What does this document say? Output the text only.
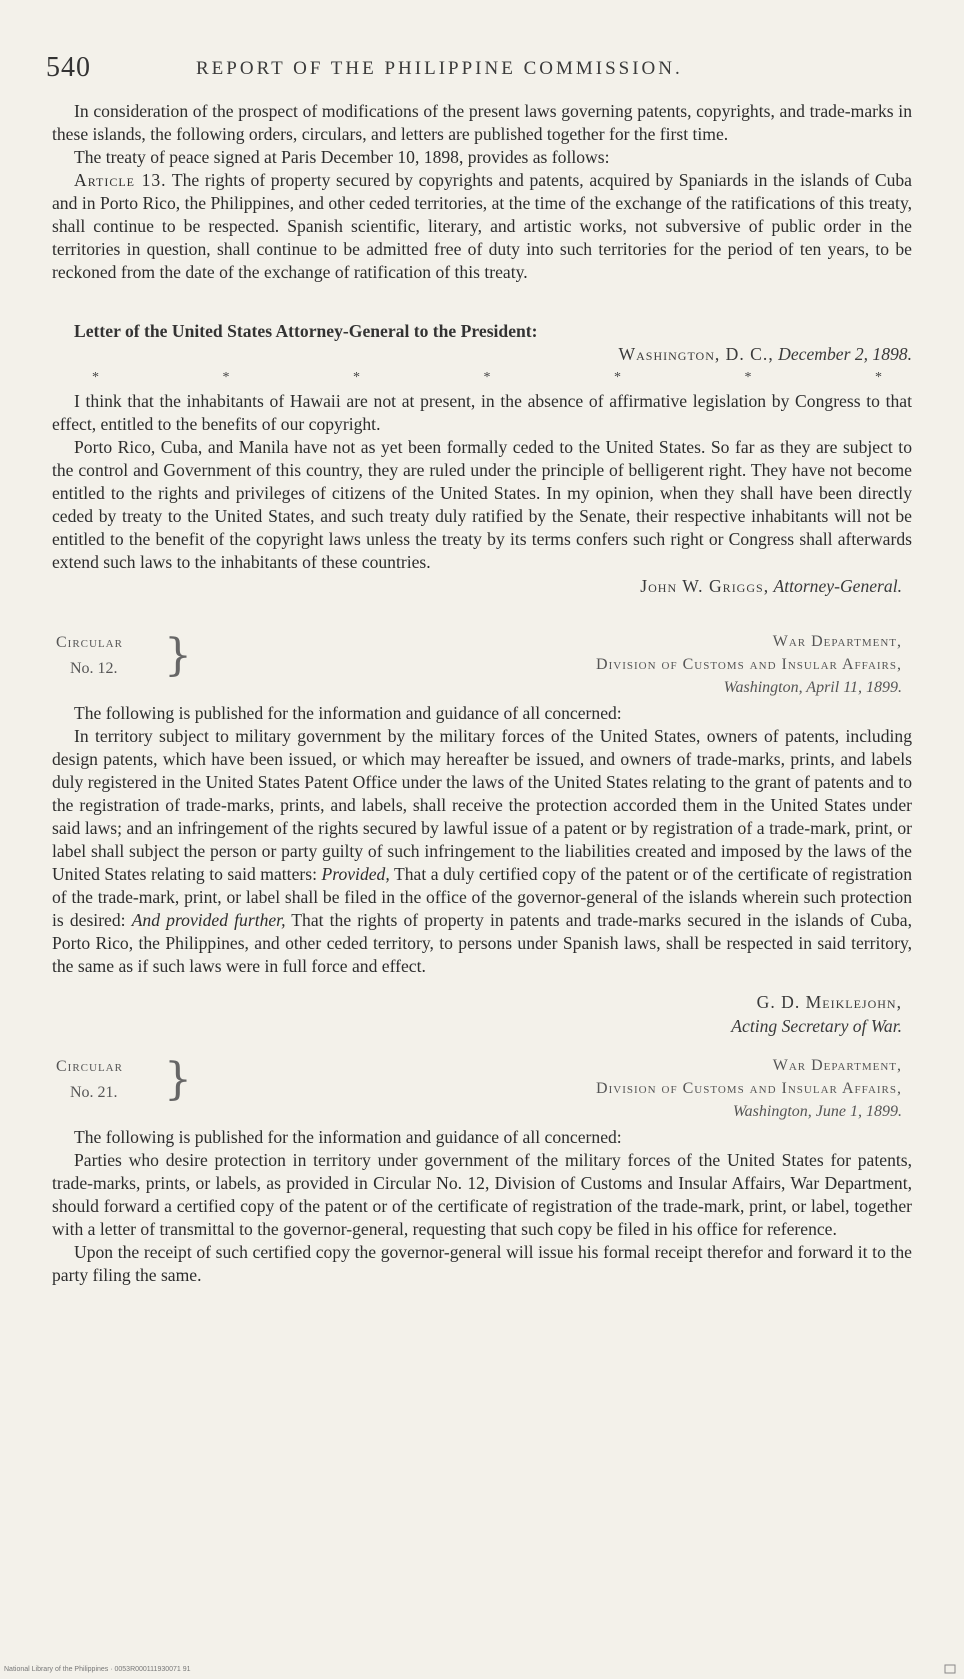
540	REPORT OF THE PHILIPPINE COMMISSION.

In consideration of the prospect of modifications of the present laws governing patents, copyrights, and trade-marks in these islands, the following orders, circulars, and letters are published together for the first time.

The treaty of peace signed at Paris December 10, 1898, provides as follows:

Article 13. The rights of property secured by copyrights and patents, acquired by Spaniards in the islands of Cuba and in Porto Rico, the Philippines, and other ceded territories, at the time of the exchange of the ratifications of this treaty, shall continue to be respected. Spanish scientific, literary, and artistic works, not subversive of public order in the territories in question, shall continue to be admitted free of duty into such territories for the period of ten years, to be reckoned from the date of the exchange of ratification of this treaty.

Letter of the United States Attorney-General to the President:
Washington, D. C., December 2, 1898.
*	*	*	*	*	*	*

I think that the inhabitants of Hawaii are not at present, in the absence of affirmative legislation by Congress to that effect, entitled to the benefits of our copyright.

Porto Rico, Cuba, and Manila have not as yet been formally ceded to the United States. So far as they are subject to the control and Government of this country, they are ruled under the principle of belligerent right. They have not become entitled to the rights and privileges of citizens of the United States. In my opinion, when they shall have been directly ceded by treaty to the United States, and such treaty duly ratified by the Senate, their respective inhabitants will not be entitled to the benefit of the copyright laws unless the treaty by its terms confers such right or Congress shall afterwards extend such laws to the inhabitants of these countries.

John W. Griggs, Attorney-General.
Circular
No. 12. }	War Department,
Division of Customs and Insular Affairs,
Washington, April 11, 1899.

The following is published for the information and guidance of all concerned:

In territory subject to military government by the military forces of the United States, owners of patents, including design patents, which have been issued, or which may hereafter be issued, and owners of trade-marks, prints, and labels duly registered in the United States Patent Office under the laws of the United States relating to the grant of patents and to the registration of trade-marks, prints, and labels, shall receive the protection accorded them in the United States under said laws; and an infringement of the rights secured by lawful issue of a patent or by registration of a trade-mark, print, or label shall subject the person or party guilty of such infringement to the liabilities created and imposed by the laws of the United States relating to said matters: Provided, That a duly certified copy of the patent or of the certificate of registration of the trade-mark, print, or label shall be filed in the office of the governor-general of the islands wherein such protection is desired: And provided further, That the rights of property in patents and trade-marks secured in the islands of Cuba, Porto Rico, the Philippines, and other ceded territory, to persons under Spanish laws, shall be respected in said territory, the same as if such laws were in full force and effect.

G. D. Meiklejohn,
Acting Secretary of War.
Circular
No. 21. }	War Department,
Division of Customs and Insular Affairs,
Washington, June 1, 1899.

The following is published for the information and guidance of all concerned:

Parties who desire protection in territory under government of the military forces of the United States for patents, trade-marks, prints, or labels, as provided in Circular No. 12, Division of Customs and Insular Affairs, War Department, should forward a certified copy of the patent or of the certificate of registration of the trade-mark, print, or label, together with a letter of transmittal to the governor-general, requesting that such copy be filed in his office for reference.

Upon the receipt of such certified copy the governor-general will issue his formal receipt therefor and forward it to the party filing the same.

National Library of the Philippines · 0053R000111930071 91
